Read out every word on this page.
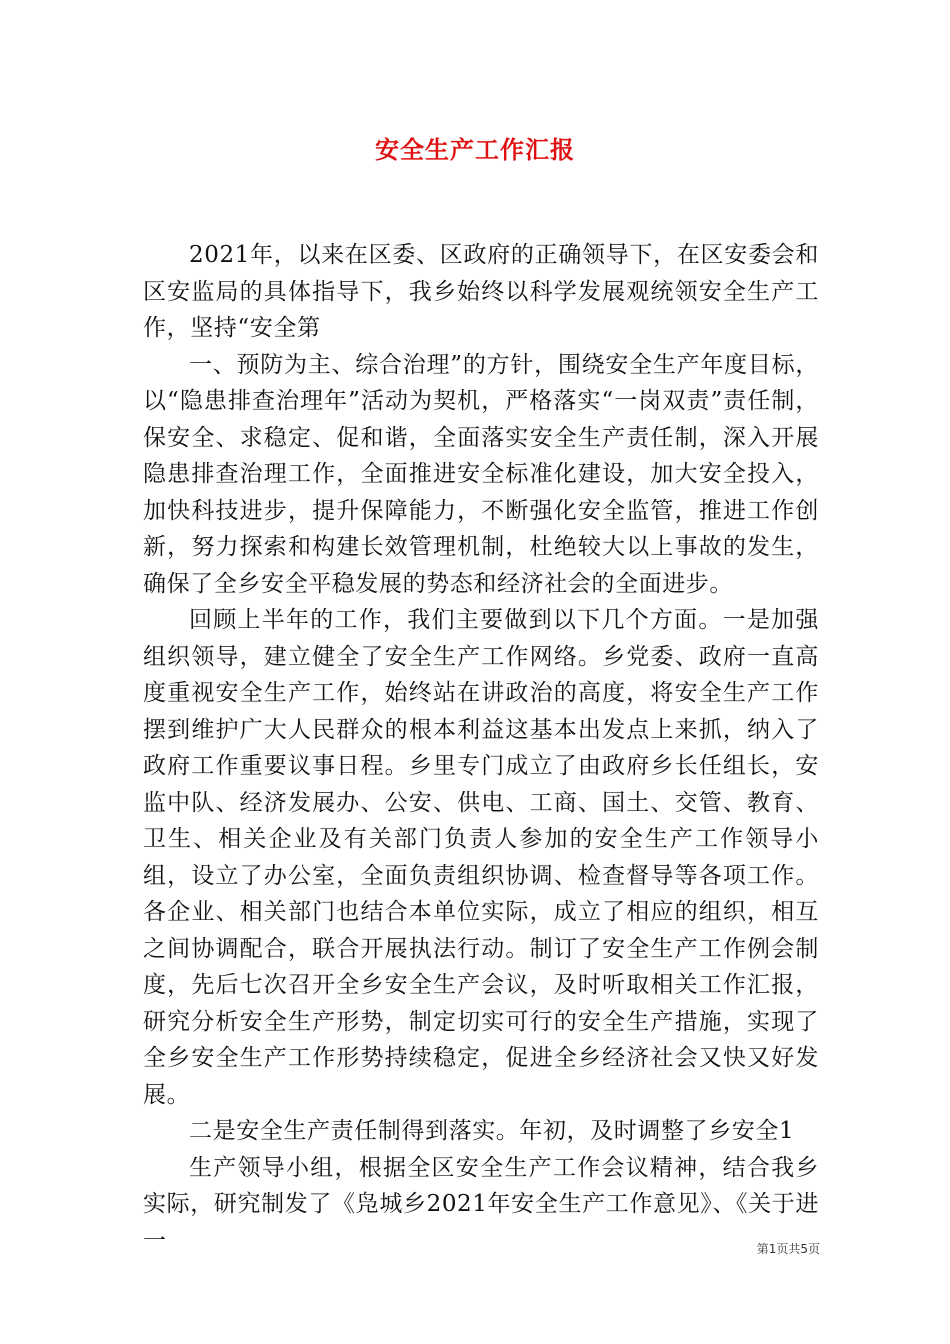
安全生产工作汇报

2021年，以来在区委、区政府的正确领导下，在区安委会和区安监局的具体指导下，我乡始终以科学发展观统领安全生产工作，坚持“安全第

一、预防为主、综合治理”的方针，围绕安全生产年度目标，以“隐患排查治理年”活动为契机，严格落实“一岗双责”责任制，保安全、求稳定、促和谐，全面落实安全生产责任制，深入开展隐患排查治理工作，全面推进安全标准化建设，加大安全投入，加快科技进步，提升保障能力，不断强化安全监管，推进工作创新，努力探索和构建长效管理机制，杜绝较大以上事故的发生，确保了全乡安全平稳发展的势态和经济社会的全面进步。

回顾上半年的工作，我们主要做到以下几个方面。一是加强组织领导，建立健全了安全生产工作网络。乡党委、政府一直高度重视安全生产工作，始终站在讲政治的高度，将安全生产工作摆到维护广大人民群众的根本利益这基本出发点上来抓，纳入了政府工作重要议事日程。乡里专门成立了由政府乡长任组长，安监中队、经济发展办、公安、供电、工商、国土、交管、教育、卫生、相关企业及有关部门负责人参加的安全生产工作领导小组，设立了办公室，全面负责组织协调、检查督导等各项工作。各企业、相关部门也结合本单位实际，成立了相应的组织，相互之间协调配合，联合开展执法行动。制订了安全生产工作例会制度，先后七次召开全乡安全生产会议，及时听取相关工作汇报，研究分析安全生产形势，制定切实可行的安全生产措施，实现了全乡安全生产工作形势持续稳定，促进全乡经济社会又快又好发展。

二是安全生产责任制得到落实。年初，及时调整了乡安全1

生产领导小组，根据全区安全生产工作会议精神，结合我乡实际，研究制发了《凫城乡2021年安全生产工作意见》、《关于进一	第1页共5页
